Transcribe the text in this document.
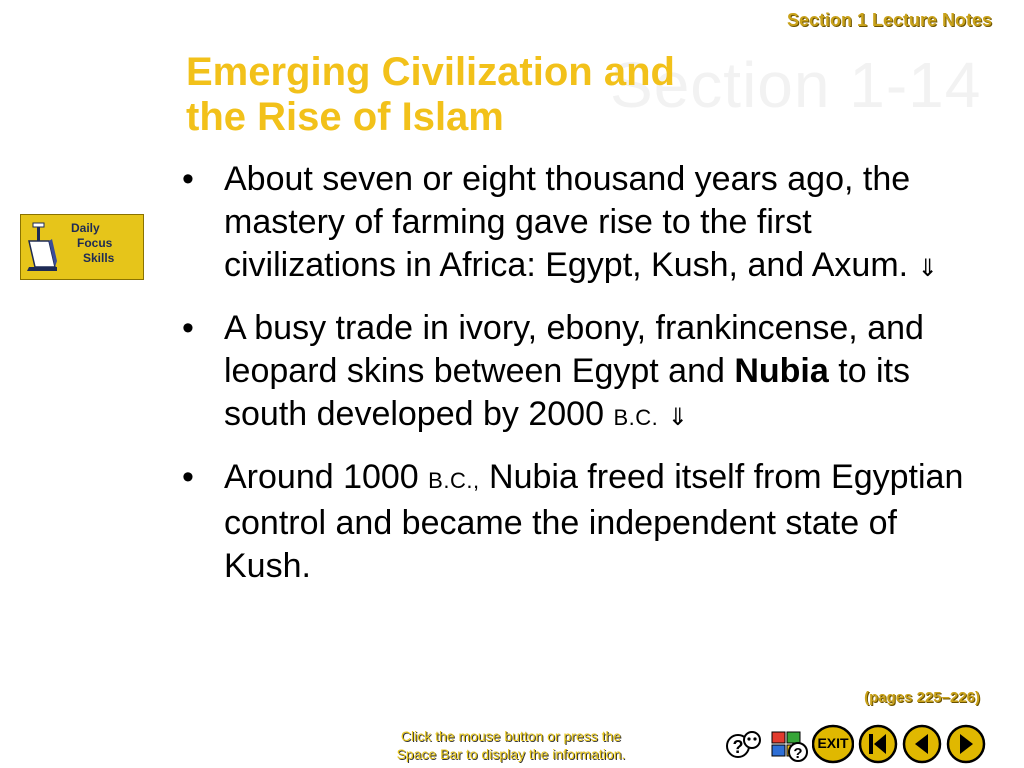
Section 1 Lecture Notes
Section 1-14
Emerging Civilization and
the Rise of Islam
Daily
Focus
Skills
• About seven or eight thousand years ago, the mastery of farming gave rise to the first civilizations in Africa: Egypt, Kush, and Axum. ⇓
• A busy trade in ivory, ebony, frankincense, and leopard skins between Egypt and Nubia to its south developed by 2000 B.C. ⇓
• Around 1000 B.C., Nubia freed itself from Egyptian control and became the independent state of Kush.
(pages 225–226)
Click the mouse button or press the
Space Bar to display the information.	?	?
EXIT
